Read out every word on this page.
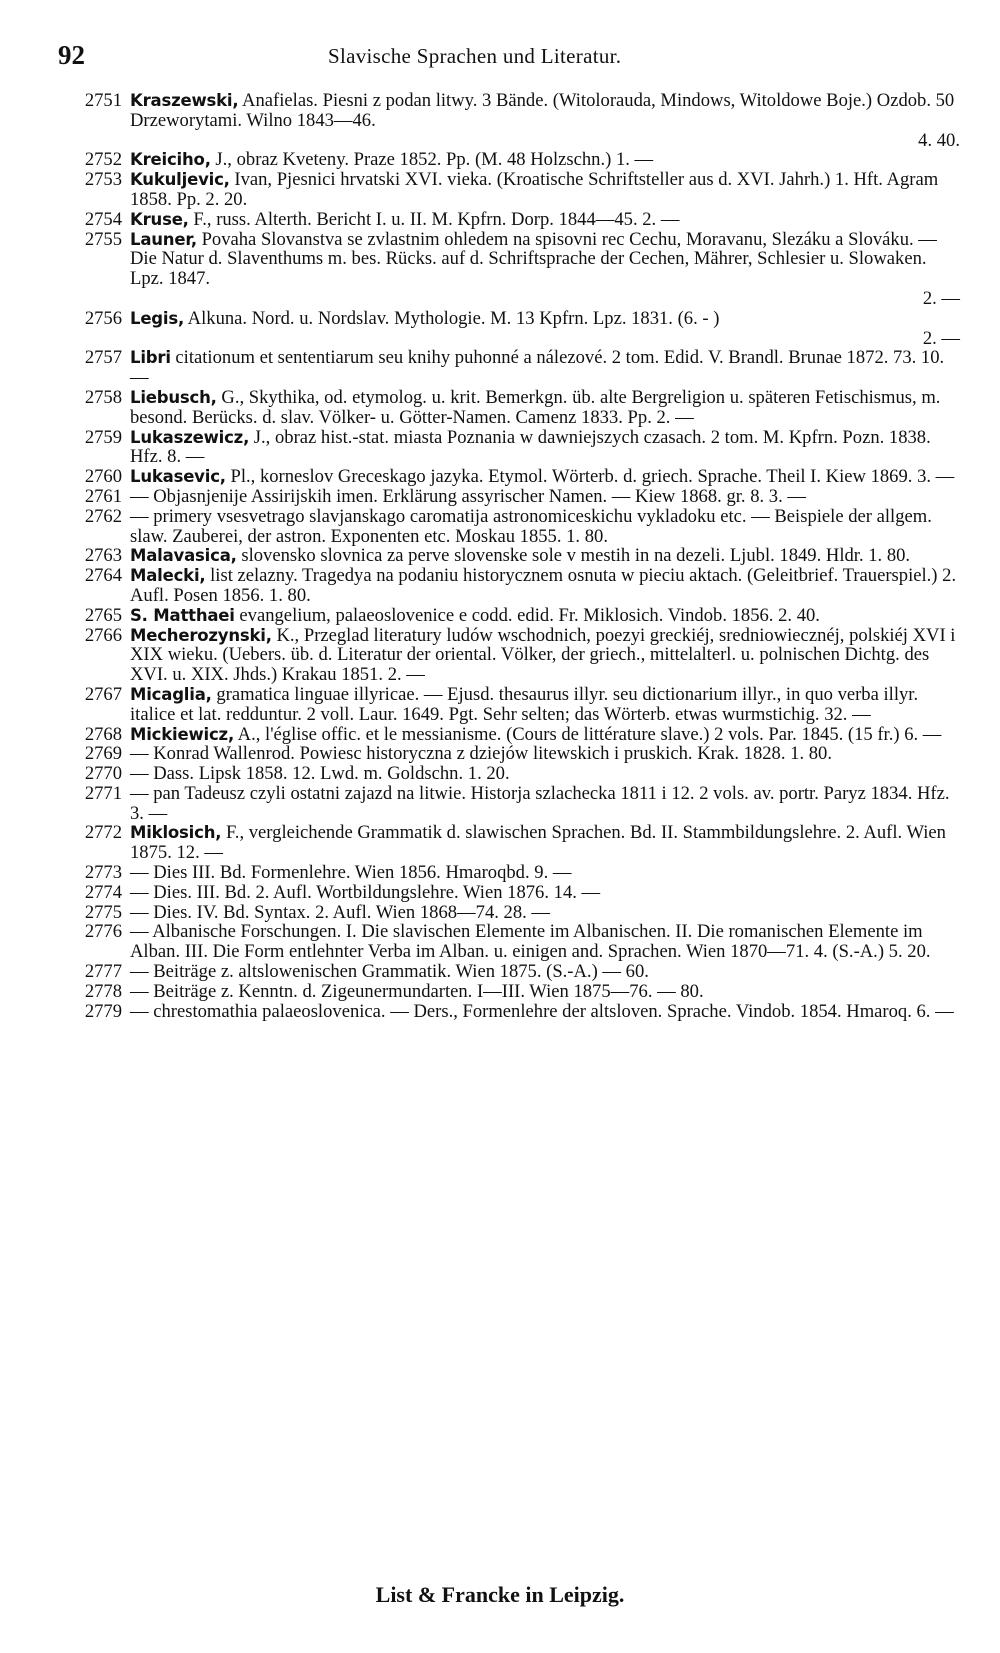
92	Slavische Sprachen und Literatur.
2751 Kraszewski, Anafielas. Piesni z podan litwy. 3 Bände. (Witolorauda, Mindows, Witoldowe Boje.) Ozdob. 50 Drzeworytami. Wilno 1843—46.
4. 40.
2752 Kreiciho, J., obraz Kveteny. Praze 1852. Pp. (M. 48 Holzschn.) 1. —
2753 Kukuljevic, Ivan, Pjesnici hrvatski XVI. vieka. (Kroatische Schriftsteller aus d. XVI. Jahrh.) 1. Hft. Agram 1858. Pp. 2. 20.
2754 Kruse, F., russ. Alterth. Bericht I. u. II. M. Kpfrn. Dorp. 1844—45. 2. —
2755 Launer, Povaha Slovanstva se zvlastnim ohledem na spisovni rec Cechu, Moravanu, Slezáku a Slováku. — Die Natur d. Slaventhums m. bes. Rücks. auf d. Schriftsprache der Cechen, Mährer, Schlesier u. Slowaken. Lpz. 1847.
2. —
2756 Legis, Alkuna. Nord. u. Nordslav. Mythologie. M. 13 Kpfrn. Lpz. 1831. (6. - )
2. —
2757 Libri citationum et sententiarum seu knihy puhonné a nálezové. 2 tom. Edid. V. Brandl. Brunae 1872. 73. 10. —
2758 Liebusch, G., Skythika, od. etymolog. u. krit. Bemerkgn. üb. alte Bergreligion u. späteren Fetischismus, m. besond. Berücks. d. slav. Völker- u. Götter-Namen. Camenz 1833. Pp. 2. —
2759 Lukaszewicz, J., obraz hist.-stat. miasta Poznania w dawniejszych czasach. 2 tom. M. Kpfrn. Pozn. 1838. Hfz. 8. —
2760 Lukasevic, Pl., korneslov Greceskago jazyka. Etymol. Wörterb. d. griech. Sprache. Theil I. Kiew 1869. 3. —
2761 — Objasnjenije Assirijskih imen. Erklärung assyrischer Namen. — Kiew 1868. gr. 8. 3. —
2762 — primery vsesvetrago slavjanskago caromatija astronomiceskichu vykladoku etc. — Beispiele der allgem. slaw. Zauberei, der astron. Exponenten etc. Moskau 1855. 1. 80.
2763 Malavasica, slovensko slovnica za perve slovenske sole v mestih in na dezeli. Ljubl. 1849. Hldr. 1. 80.
2764 Malecki, list zelazny. Tragedya na podaniu historycznem osnuta w pieciu aktach. (Geleitbrief. Trauerspiel.) 2. Aufl. Posen 1856. 1. 80.
2765 S. Matthaei evangelium, palaeoslovenice e codd. edid. Fr. Miklosich. Vindob. 1856. 2. 40.
2766 Mecherozynski, K., Przeglad literatury ludów wschodnich, poezyi greckiéj, sredniowiecznéj, polskiéj XVI i XIX wieku. (Uebers. üb. d. Literatur der oriental. Völker, der griech., mittelalterl. u. polnischen Dichtg. des XVI. u. XIX. Jhds.) Krakau 1851. 2. —
2767 Micaglia, gramatica linguae illyricae. — Ejusd. thesaurus illyr. seu dictionarium illyr., in quo verba illyr. italice et lat. redduntur. 2 voll. Laur. 1649. Pgt. Sehr selten; das Wörterb. etwas wurmstichig. 32. —
2768 Mickiewicz, A., l'église offic. et le messianisme. (Cours de littérature slave.) 2 vols. Par. 1845. (15 fr.) 6. —
2769 — Konrad Wallenrod. Powiesc historyczna z dziejów litewskich i pruskich. Krak. 1828. 1. 80.
2770 — Dass. Lipsk 1858. 12. Lwd. m. Goldschn. 1. 20.
2771 — pan Tadeusz czyli ostatni zajazd na litwie. Historja szlachecka 1811 i 12. 2 vols. av. portr. Paryz 1834. Hfz. 3. —
2772 Miklosich, F., vergleichende Grammatik d. slawischen Sprachen. Bd. II. Stammbildungslehre. 2. Aufl. Wien 1875. 12. —
2773 — Dies III. Bd. Formenlehre. Wien 1856. Hmaroqbd. 9. —
2774 — Dies. III. Bd. 2. Aufl. Wortbildungslehre. Wien 1876. 14. —
2775 — Dies. IV. Bd. Syntax. 2. Aufl. Wien 1868—74. 28. —
2776 — Albanische Forschungen. I. Die slavischen Elemente im Albanischen. II. Die romanischen Elemente im Alban. III. Die Form entlehnter Verba im Alban. u. einigen and. Sprachen. Wien 1870—71. 4. (S.-A.) 5. 20.
2777 — Beiträge z. altslowenischen Grammatik. Wien 1875. (S.-A.) — 60.
2778 — Beiträge z. Kenntn. d. Zigeunermundarten. I—III. Wien 1875—76. — 80.
2779 — chrestomathia palaeoslovenica. — Ders., Formenlehre der altsloven. Sprache. Vindob. 1854. Hmaroq. 6. —
List & Francke in Leipzig.
